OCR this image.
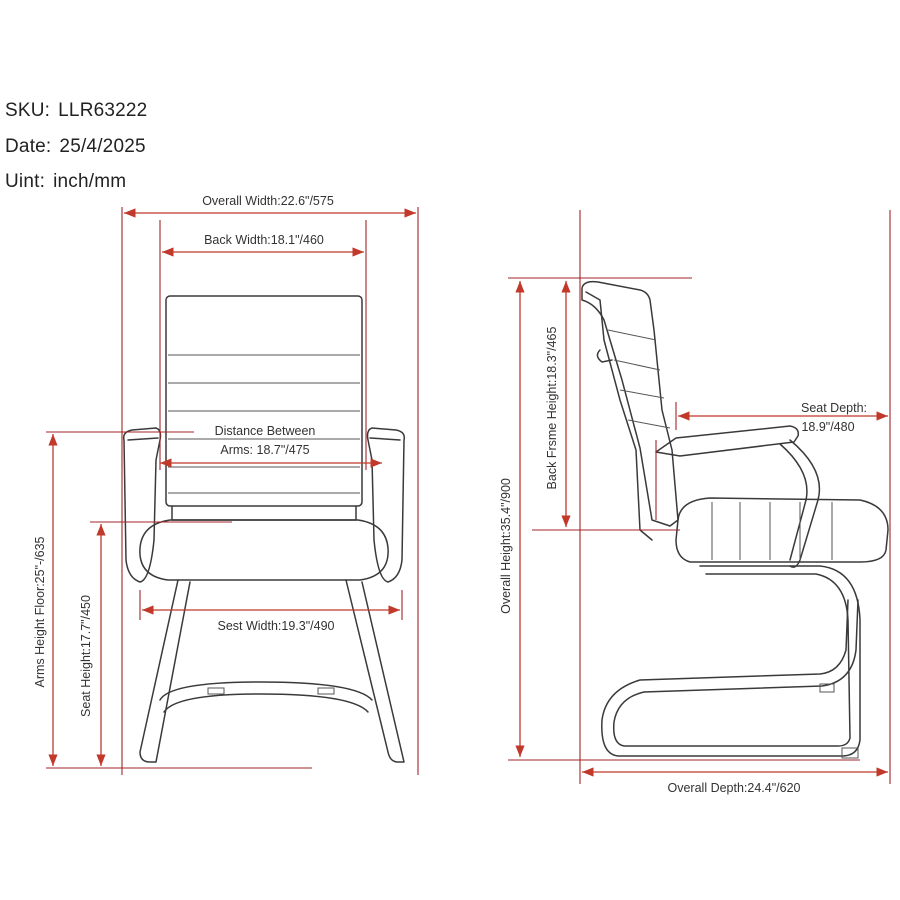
SKU: LLR63222
Date: 25/4/2025
Uint: inch/mm
Overall Width:22.6"/575
Back Width:18.1"/460
Distance Between
Arms: 18.7"/475
Sest Width:19.3"/490
Arms Height Floor:25"-/635	Seat Height:17.7"/450
Overall Height:35.4"/900
Back Frsme Height:18.3"/465	Seat Depth:
18.9"/480
Overall Depth:24.4"/620
